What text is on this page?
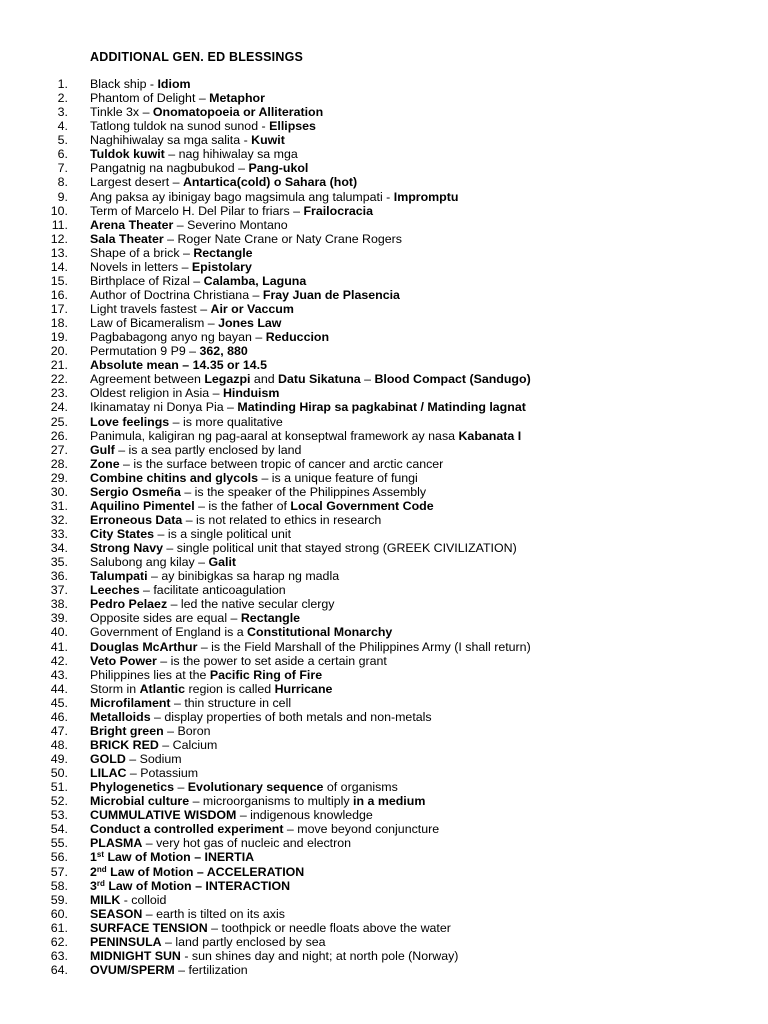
ADDITIONAL GEN. ED BLESSINGS
1. Black ship - Idiom
2. Phantom of Delight – Metaphor
3. Tinkle 3x – Onomatopoeia or Alliteration
4. Tatlong tuldok na sunod sunod - Ellipses
5. Naghihiwalay sa mga salita - Kuwit
6. Tuldok kuwit – nag hihiwalay sa mga
7. Pangatnig na nagbubukod – Pang-ukol
8. Largest desert – Antartica(cold) o Sahara (hot)
9. Ang paksa ay ibinigay bago magsimula ang talumpati - Impromptu
10. Term of Marcelo H. Del Pilar to friars – Frailocracia
11. Arena Theater – Severino Montano
12. Sala Theater – Roger Nate Crane or Naty Crane Rogers
13. Shape of a brick – Rectangle
14. Novels in letters – Epistolary
15. Birthplace of Rizal – Calamba, Laguna
16. Author of Doctrina Christiana – Fray Juan de Plasencia
17. Light travels fastest – Air or Vaccum
18. Law of Bicameralism – Jones Law
19. Pagbabagong anyo ng bayan – Reduccion
20. Permutation 9 P9 – 362, 880
21. Absolute mean – 14.35 or 14.5
22. Agreement between Legazpi and Datu Sikatuna – Blood Compact (Sandugo)
23. Oldest religion in Asia – Hinduism
24. Ikinamatay ni Donya Pia – Matinding Hirap sa pagkabinat / Matinding lagnat
25. Love feelings – is more qualitative
26. Panimula, kaligiran ng pag-aaral at konseptwal framework ay nasa Kabanata I
27. Gulf – is a sea partly enclosed by land
28. Zone – is the surface between tropic of cancer and arctic cancer
29. Combine chitins and glycols – is a unique feature of fungi
30. Sergio Osmeña – is the speaker of the Philippines Assembly
31. Aquilino Pimentel – is the father of Local Government Code
32. Erroneous Data – is not related to ethics in research
33. City States – is a single political unit
34. Strong Navy – single political unit that stayed strong (GREEK CIVILIZATION)
35. Salubong ang kilay – Galit
36. Talumpati – ay binibigkas sa harap ng madla
37. Leeches – facilitate anticoagulation
38. Pedro Pelaez – led the native secular clergy
39. Opposite sides are equal – Rectangle
40. Government of England is a Constitutional Monarchy
41. Douglas McArthur – is the Field Marshall of the Philippines Army (I shall return)
42. Veto Power – is the power to set aside a certain grant
43. Philippines lies at the Pacific Ring of Fire
44. Storm in Atlantic region is called Hurricane
45. Microfilament – thin structure in cell
46. Metalloids – display properties of both metals and non-metals
47. Bright green – Boron
48. BRICK RED – Calcium
49. GOLD – Sodium
50. LILAC – Potassium
51. Phylogenetics – Evolutionary sequence of organisms
52. Microbial culture – microorganisms to multiply in a medium
53. CUMMULATIVE WISDOM – indigenous knowledge
54. Conduct a controlled experiment – move beyond conjuncture
55. PLASMA – very hot gas of nucleic and electron
56. 1st Law of Motion – INERTIA
57. 2nd Law of Motion – ACCELERATION
58. 3rd Law of Motion – INTERACTION
59. MILK - colloid
60. SEASON – earth is tilted on its axis
61. SURFACE TENSION – toothpick or needle floats above the water
62. PENINSULA – land partly enclosed by sea
63. MIDNIGHT SUN - sun shines day and night; at north pole (Norway)
64. OVUM/SPERM – fertilization
